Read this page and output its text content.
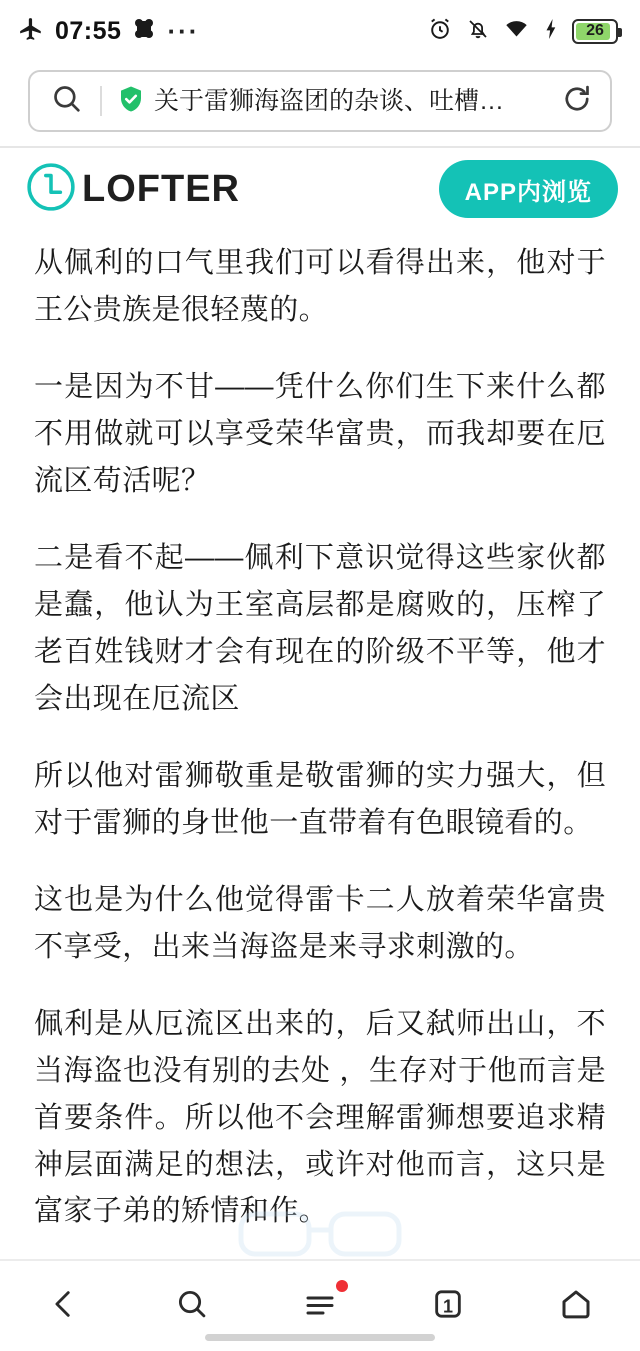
07:55 ···	26
关于雷狮海盗团的杂谈、吐槽…
LOFTER	APP内浏览

从佩利的口气里我们可以看得出来，他对于王公贵族是很轻蔑的。

一是因为不甘——凭什么你们生下来什么都不用做就可以享受荣华富贵，而我却要在厄流区苟活呢？

二是看不起——佩利下意识觉得这些家伙都是蠢，他认为王室高层都是腐败的，压榨了老百姓钱财才会有现在的阶级不平等，他才会出现在厄流区

所以他对雷狮敬重是敬雷狮的实力强大，但对于雷狮的身世他一直带着有色眼镜看的。

这也是为什么他觉得雷卡二人放着荣华富贵不享受，出来当海盗是来寻求刺激的。

佩利是从厄流区出来的，后又弑师出山，不当海盗也没有别的去处 ，生存对于他而言是首要条件。所以他不会理解雷狮想要追求精神层面满足的想法，或许对他而言，这只是富家子弟的矫情和作。

1
